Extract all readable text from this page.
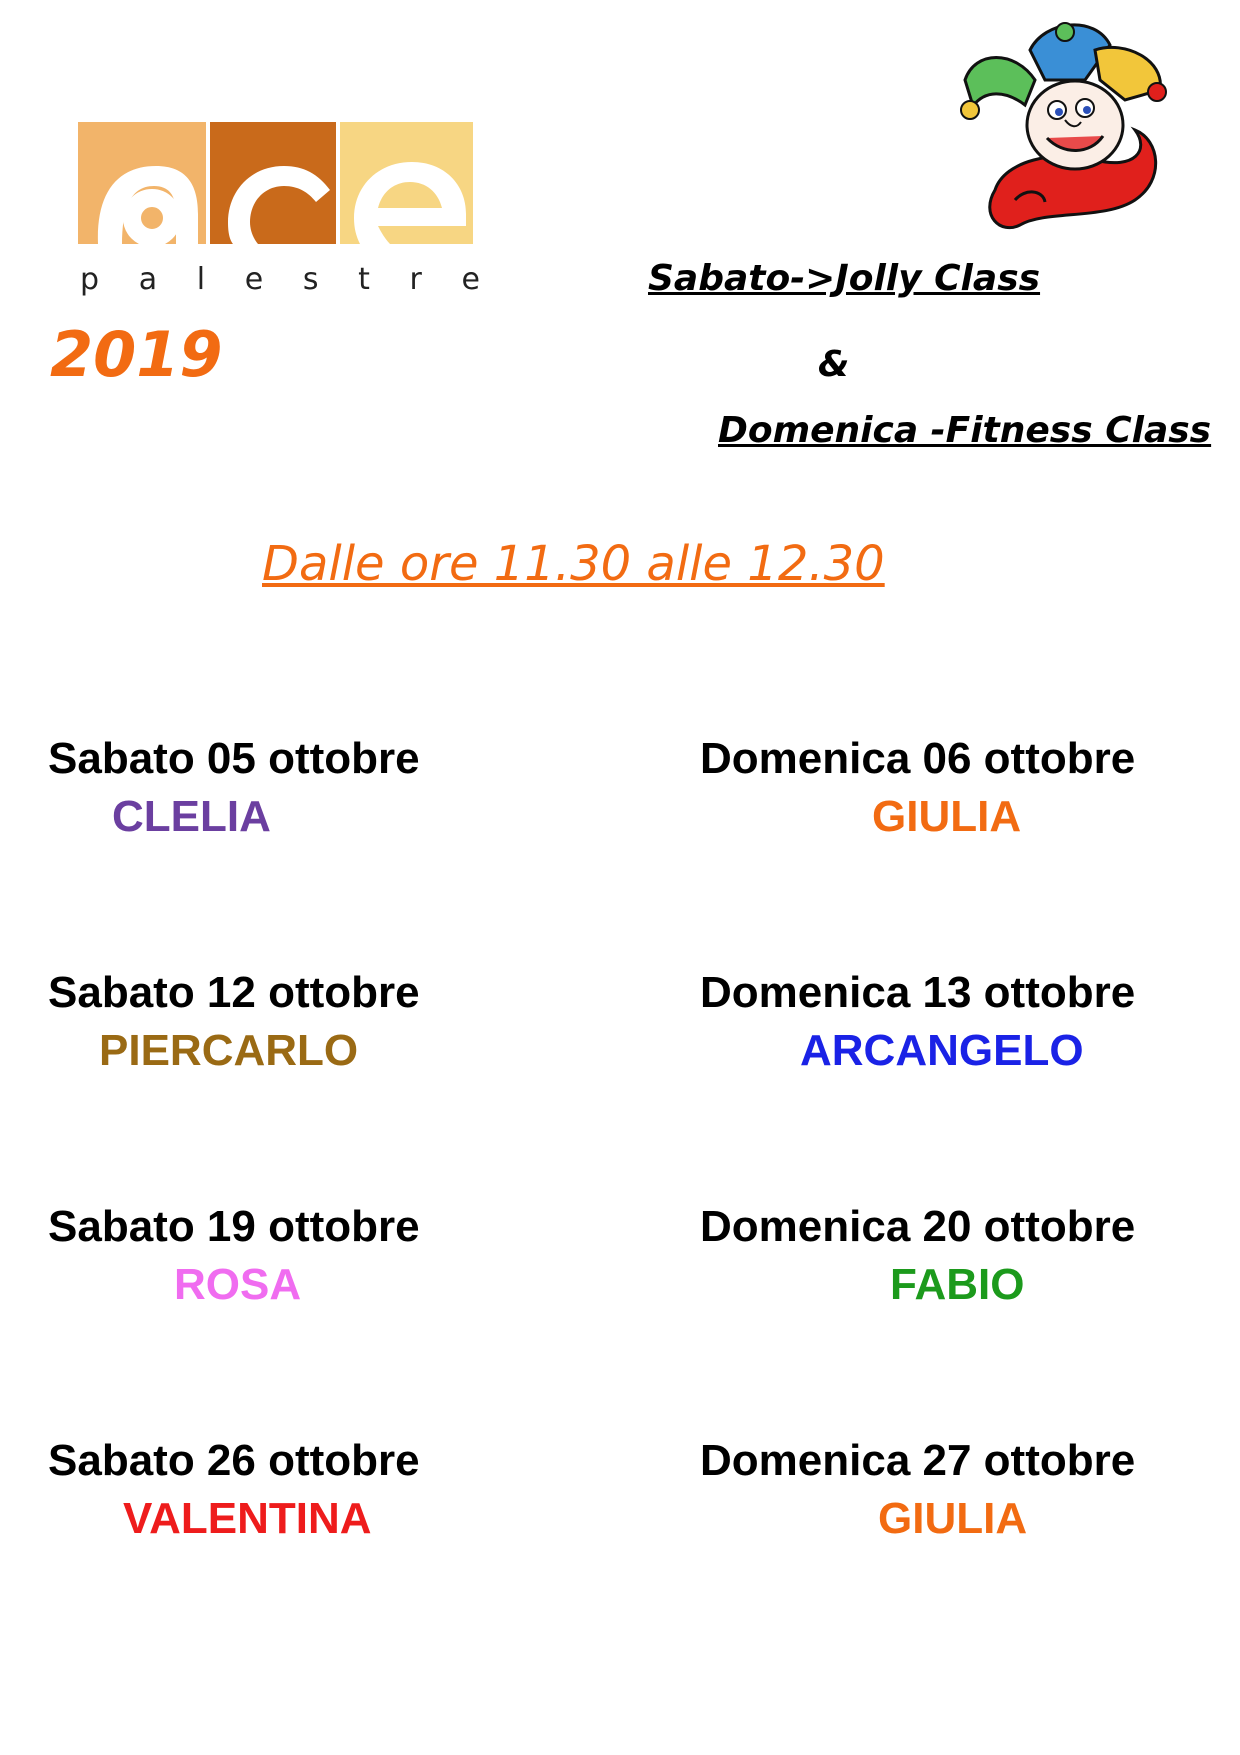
p a l e s t r e
2019
Sabato->Jolly Class
&
Domenica -Fitness Class
Dalle ore 11.30 alle 12.30
Sabato 05 ottobre
CLELIA
Domenica 06 ottobre
GIULIA
Sabato 12 ottobre
PIERCARLO
Domenica 13 ottobre
ARCANGELO
Sabato 19 ottobre
ROSA
Domenica 20 ottobre
FABIO
Sabato 26 ottobre
VALENTINA
Domenica 27 ottobre
GIULIA
